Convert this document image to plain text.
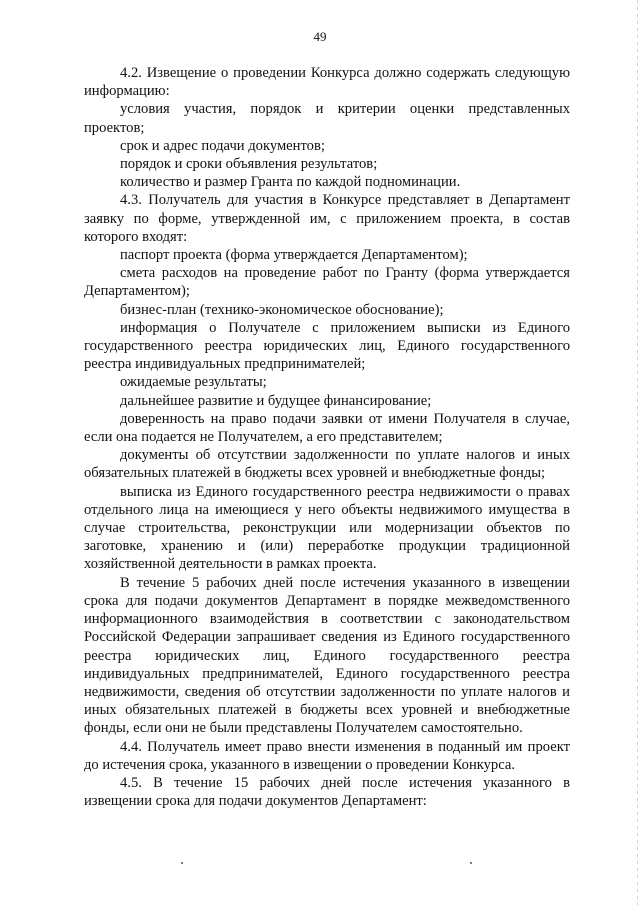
49

4.2. Извещение о проведении Конкурса должно содержать следующую информацию:

условия участия, порядок и критерии оценки представленных проектов;

срок и адрес подачи документов;

порядок и сроки объявления результатов;

количество и размер Гранта по каждой подноминации.

4.3. Получатель для участия в Конкурсе представляет в Департамент заявку по форме, утвержденной им, с приложением проекта, в состав которого входят:

паспорт проекта (форма утверждается Департаментом);

смета расходов на проведение работ по Гранту (форма утверждается Департаментом);

бизнес-план (технико-экономическое обоснование);

информация о Получателе с приложением выписки из Единого государственного реестра юридических лиц, Единого государственного реестра индивидуальных предпринимателей;

ожидаемые результаты;

дальнейшее развитие и будущее финансирование;

доверенность на право подачи заявки от имени Получателя в случае, если она подается не Получателем, а его представителем;

документы об отсутствии задолженности по уплате налогов и иных обязательных платежей в бюджеты всех уровней и внебюджетные фонды;

выписка из Единого государственного реестра недвижимости о правах отдельного лица на имеющиеся у него объекты недвижимого имущества в случае строительства, реконструкции или модернизации объектов по заготовке, хранению и (или) переработке продукции традиционной хозяйственной деятельности в рамках проекта.

В течение 5 рабочих дней после истечения указанного в извещении срока для подачи документов Департамент в порядке межведомственного информационного взаимодействия в соответствии с законодательством Российской Федерации запрашивает сведения из Единого государственного реестра юридических лиц, Единого государственного реестра индивидуальных предпринимателей, Единого государственного реестра недвижимости, сведения об отсутствии задолженности по уплате налогов и иных обязательных платежей в бюджеты всех уровней и внебюджетные фонды, если они не были представлены Получателем самостоятельно.

4.4. Получатель имеет право внести изменения в поданный им проект до истечения срока, указанного в извещении о проведении Конкурса.

4.5. В течение 15 рабочих дней после истечения указанного в извещении срока для подачи документов Департамент:
